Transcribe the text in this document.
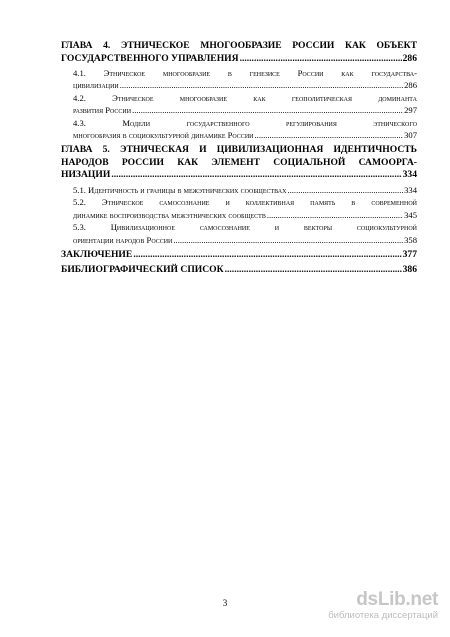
ГЛАВА 4. ЭТНИЧЕСКОЕ МНОГООБРАЗИЕ РОССИИ КАК ОБЪЕКТ
ГОСУДАРСТВЕННОГО УПРАВЛЕНИЯ .....	286
4.1. Этническое многообразие в генезисе России как государства-
цивилизации .....	286
4.2. Этническое многообразие как геополитическая доминанта
развития России .....	297
4.3. Модели государственного регулирования этнического
многообразия в социокультурной динамике России .....	307
ГЛАВА 5. ЭТНИЧЕСКАЯ И ЦИВИЛИЗАЦИОННАЯ ИДЕНТИЧНОСТЬ
НАРОДОВ РОССИИ КАК ЭЛЕМЕНТ СОЦИАЛЬНОЙ САМООРГА-
НИЗАЦИИ .....	334
5.1. Идентичность и границы в межэтнических сообществах .....	334
5.2. Этническое самосознание и коллективная память в современной
динамике воспроизводства межэтнических сообществ .....	345
5.3. Цивилизационное самосознание и векторы социокультурной
ориентации народов России .....	358
ЗАКЛЮЧЕНИЕ .....	377
БИБЛИОГРАФИЧЕСКИЙ СПИСОК .....	386
3	dsLib.net
библиотека диссертаций
